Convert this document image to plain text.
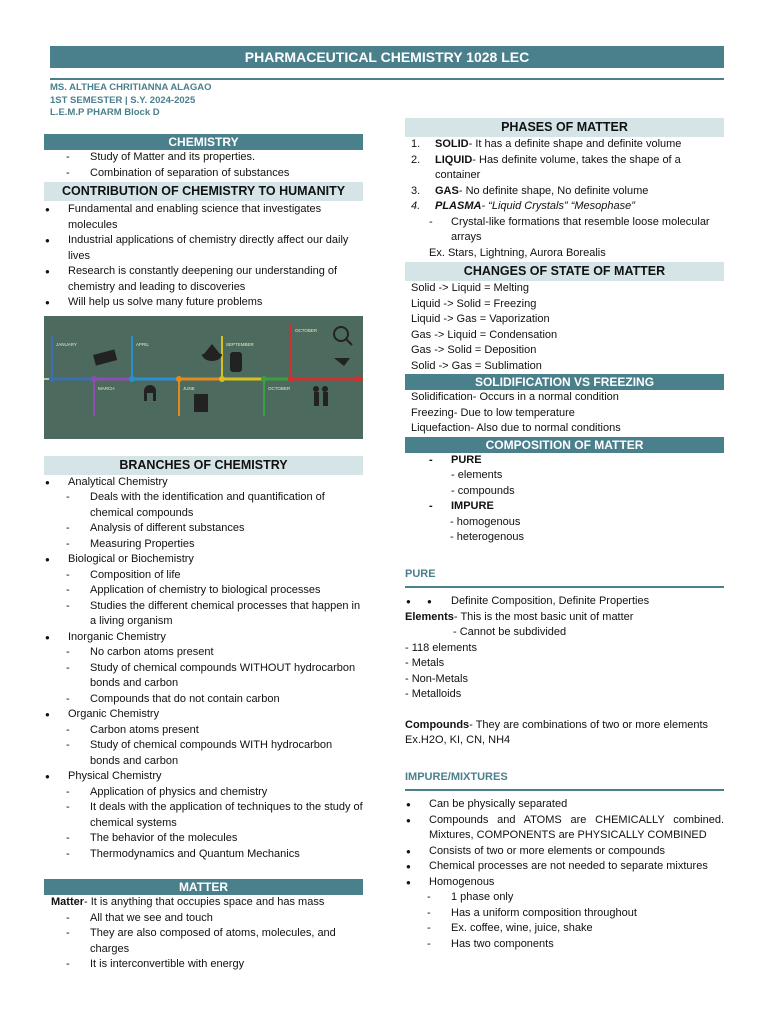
PHARMACEUTICAL CHEMISTRY 1028 LEC
MS. ALTHEA CHRITIANNA ALAGAO
1ST SEMESTER | S.Y. 2024-2025
L.E.M.P PHARM Block D
CHEMISTRY
- Study of Matter and its properties.
- Combination of separation of substances
CONTRIBUTION OF CHEMISTRY TO HUMANITY
● Fundamental and enabling science that investigates molecules
● Industrial applications of chemistry directly affect our daily lives
● Research is constantly deepening our understanding of chemistry and leading to discoveries
● Will help us solve many future problems
JANUARY	APRIL	SEPTEMBER
OCTOBER
MARCH	JUNE	OCTOBER
BRANCHES OF CHEMISTRY
● Analytical Chemistry
- Deals with the identification and quantification of chemical compounds
- Analysis of different substances
- Measuring Properties
● Biological or Biochemistry
- Composition of life
- Application of chemistry to biological processes
- Studies the different chemical processes that happen in a living organism
● Inorganic Chemistry
- No carbon atoms present
- Study of chemical compounds WITHOUT hydrocarbon bonds and carbon
- Compounds that do not contain carbon
● Organic Chemistry
- Carbon atoms present
- Study of chemical compounds WITH hydrocarbon bonds and carbon
● Physical Chemistry
- Application of physics and chemistry
- It deals with the application of techniques to the study of chemical systems
- The behavior of the molecules
- Thermodynamics and Quantum Mechanics
MATTER
Matter- It is anything that occupies space and has mass
- All that we see and touch
- They are also composed of atoms, molecules, and charges
- It is interconvertible with energy
PHASES OF MATTER
1. SOLID- It has a definite shape and definite volume
2. LIQUID- Has definite volume, takes the shape of a container
3. GAS- No definite shape, No definite volume
4. PLASMA- “Liquid Crystals” “Mesophase”
- Crystal-like formations that resemble loose molecular arrays
Ex. Stars, Lightning, Aurora Borealis
CHANGES OF STATE OF MATTER
Solid -> Liquid = Melting
Liquid -> Solid = Freezing
Liquid -> Gas = Vaporization
Gas -> Liquid = Condensation
Gas -> Solid = Deposition
Solid -> Gas = Sublimation
SOLIDIFICATION VS FREEZING
Solidification- Occurs in a normal condition
Freezing- Due to low temperature
Liquefaction- Also due to normal conditions
COMPOSITION OF MATTER
- PURE
- elements
- compounds
- IMPURE
- homogenous
- heterogenous
PURE
● ● Definite Composition, Definite Properties
Elements- This is the most basic unit of matter
- Cannot be subdivided
- 118 elements
- Metals
- Non-Metals
- Metalloids
Compounds- They are combinations of two or more elements
Ex.H2O, KI, CN, NH4
IMPURE/MIXTURES
● Can be physically separated
● Compounds and ATOMS are CHEMICALLY combined. Mixtures, COMPONENTS are PHYSICALLY COMBINED
● Consists of two or more elements or compounds
● Chemical processes are not needed to separate mixtures
● Homogenous
- 1 phase only
- Has a uniform composition throughout
- Ex. coffee, wine, juice, shake
- Has two components
